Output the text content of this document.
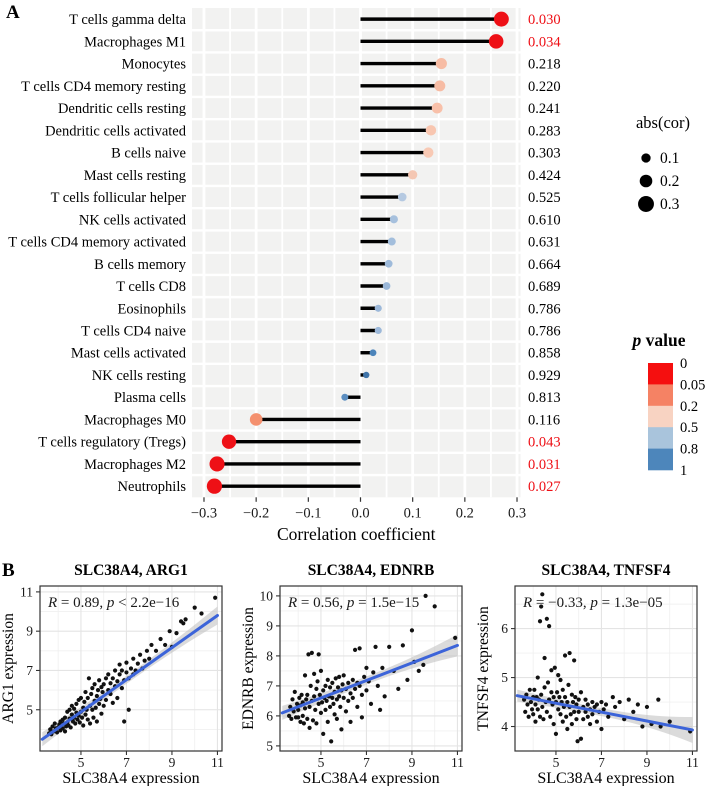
A	T cells gamma delta	0.030
Macrophages M1	0.034
Monocytes	0.218
T cells CD4 memory resting	0.220
Dendritic cells resting	0.241
Dendritic cells activated	0.283
B cells naive	0.303
Mast cells resting	0.424
T cells follicular helper	0.525
NK cells activated	0.610
T cells CD4 memory activated	0.631
B cells memory	0.664
T cells CD8	0.689
Eosinophils	0.786
T cells CD4 naive	0.786
Mast cells activated	0.858
NK cells resting	0.929
Plasma cells	0.813
Macrophages M0	0.116
T cells regulatory (Tregs)	0.043
Macrophages M2	0.031
Neutrophils	0.027
−0.3 −0.2 −0.1 0.0 0.1 0.2 0.3
Correlation coefficient
abs(cor)
0.1
0.2
0.3
p value
0
0.05
0.2
0.5
0.8
1
B
5	7	9	11
5
7
9
11
SLC38A4, ARG1
R = 0.89, p < 2.2e−16
SLC38A4 expression
ARG1 expression
5	7	9	11
5
6
7
8
9
10
SLC38A4, EDNRB
R = 0.56, p = 1.5e−15
SLC38A4 expression
EDNRB expression
5	7	9	11
4
5
6
SLC38A4, TNFSF4
R = −0.33, p = 1.3e−05
SLC38A4 expression
TNFSF4 expression
